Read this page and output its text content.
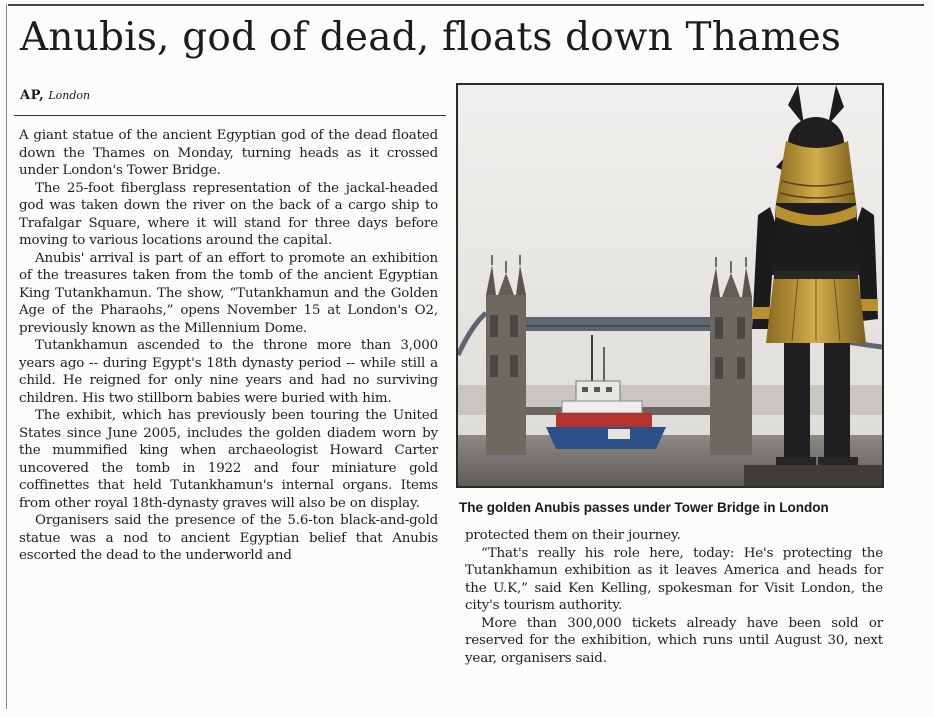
Anubis, god of dead, floats down Thames
AP, London

A giant statue of the ancient Egyptian god of the dead floated down the Thames on Monday, turning heads as it crossed under London's Tower Bridge.

The 25-foot fiberglass representation of the jackal-headed god was taken down the river on the back of a cargo ship to Trafalgar Square, where it will stand for three days before moving to various locations around the capital.

Anubis' arrival is part of an effort to promote an exhibition of the treasures taken from the tomb of the ancient Egyptian King Tutankhamun. The show, “Tutankhamun and the Golden Age of the Pharaohs,” opens November 15 at London's O2, previously known as the Millennium Dome.

Tutankhamun ascended to the throne more than 3,000 years ago -- during Egypt's 18th dynasty period -- while still a child. He reigned for only nine years and had no surviving children. His two stillborn babies were buried with him.

The exhibit, which has previously been touring the United States since June 2005, includes the golden diadem worn by the mummified king when archaeologist Howard Carter uncovered the tomb in 1922 and four miniature gold coffinettes that held Tutankhamun's internal organs. Items from other royal 18th-dynasty graves will also be on display.

Organisers said the presence of the 5.6-ton black-and-gold statue was a nod to ancient Egyptian belief that Anubis escorted the dead to the underworld and

The golden Anubis passes under Tower Bridge in London

protected them on their journey.

“That's really his role here, today: He's protecting the Tutankhamun exhibition as it leaves America and heads for the U.K,” said Ken Kelling, spokesman for Visit London, the city's tourism authority.

More than 300,000 tickets already have been sold or reserved for the exhibition, which runs until August 30, next year, organisers said.
